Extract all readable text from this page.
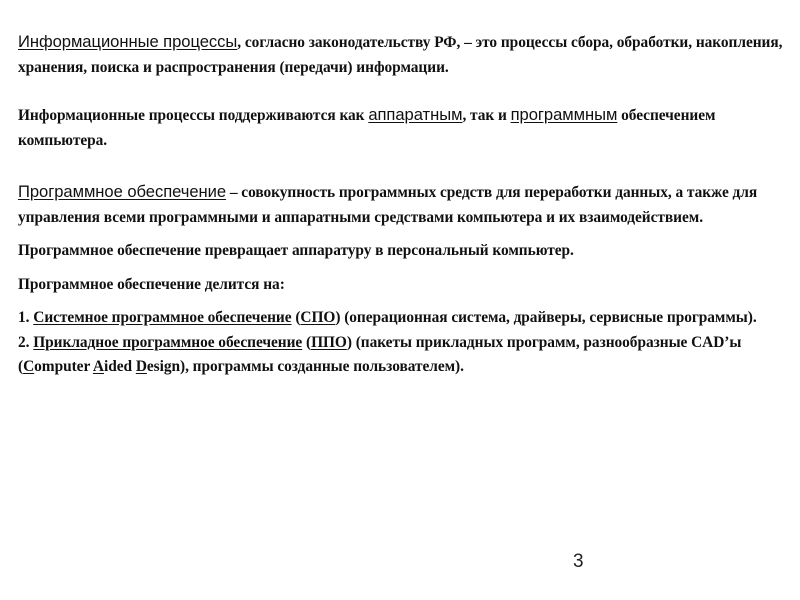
Информационные процессы, согласно законодательству РФ, – это процессы сбора, обработки, накопления, хранения, поиска и распространения (передачи) информации.

Информационные процессы поддерживаются как аппаратным, так и программным обеспечением компьютера.

Программное обеспечение – совокупность программных средств для переработки данных, а также для управления всеми программными и аппаратными средствами компьютера и их взаимодействием.

Программное обеспечение превращает аппаратуру в персональный компьютер.

Программное обеспечение делится на:

1. Системное программное обеспечение (СПО) (операционная система, драйверы, сервисные программы).
2. Прикладное программное обеспечение (ППО) (пакеты прикладных программ, разнообразные CAD’ы (Computer Aided Design), программы созданные пользователем).

3
